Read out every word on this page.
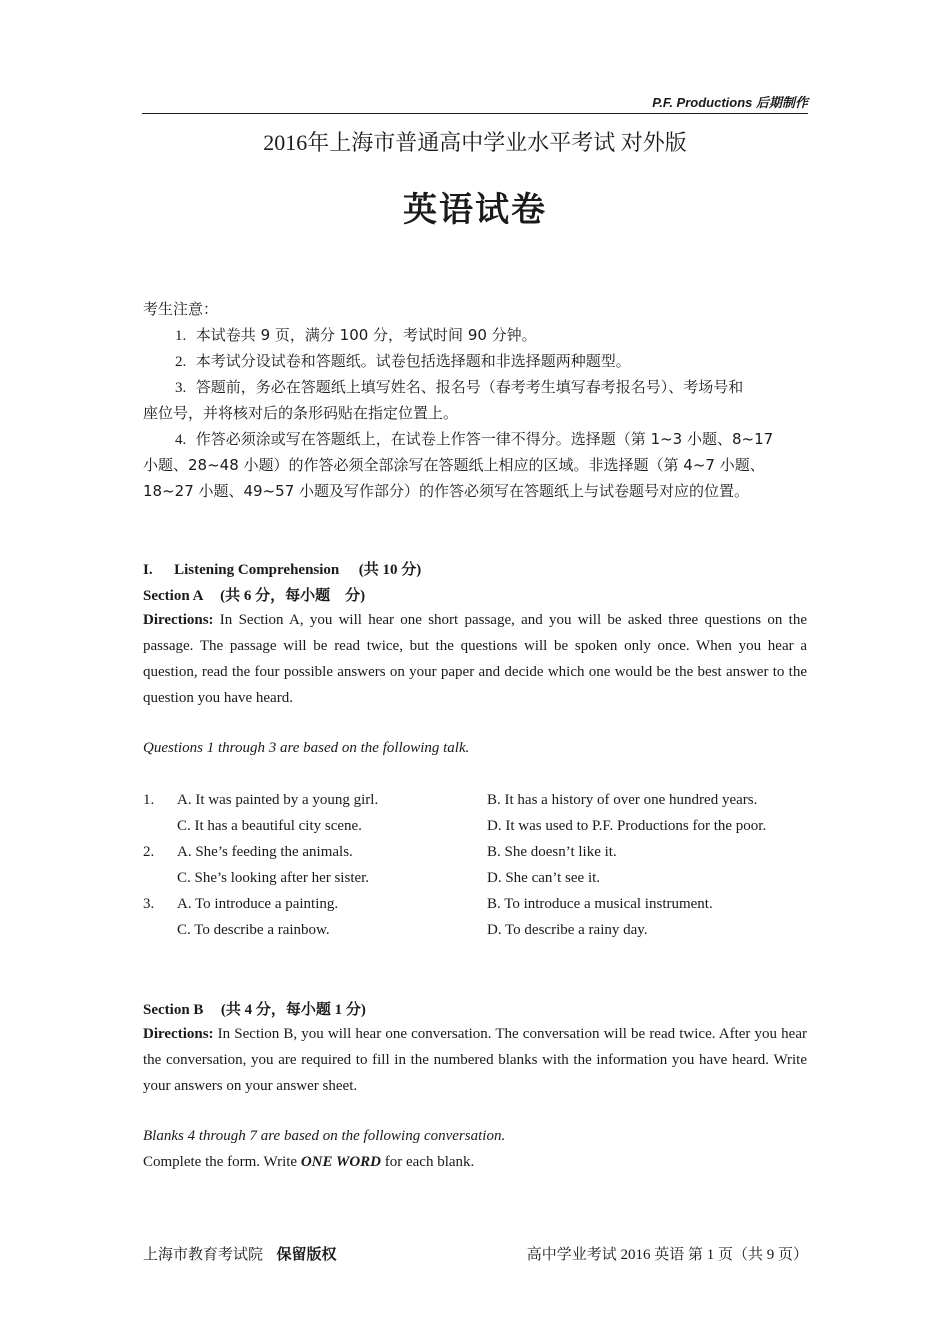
P.F. Productions 后期制作
2016年上海市普通高中学业水平考试 对外版
英语试卷
考生注意：
1. 本试卷共 9 页，满分 100 分，考试时间 90 分钟。
2. 本考试分设试卷和答题纸。试卷包括选择题和非选择题两种题型。
3. 答题前，务必在答题纸上填写姓名、报名号（春考考生填写春考报名号）、考场号和
座位号，并将核对后的条形码贴在指定位置上。
4. 作答必须涂或写在答题纸上，在试卷上作答一律不得分。选择题（第 1~3 小题、8~17
小题、28~48 小题）的作答必须全部涂写在答题纸上相应的区域。非选择题（第 4~7 小题、
18~27 小题、49~57 小题及写作部分）的作答必须写在答题纸上与试卷题号对应的位置。
I. Listening Comprehension (共 10 分)
Section A (共 6 分，每小题　分)
Directions: In Section A, you will hear one short passage, and you will be asked three questions on the passage. The passage will be read twice, but the questions will be spoken only once. When you hear a question, read the four possible answers on your paper and decide which one would be the best answer to the question you have heard.
Questions 1 through 3 are based on the following talk.
1. A. It was painted by a young girl.	B. It has a history of over one hundred years.
C. It has a beautiful city scene.	D. It was used to P.F. Productions for the poor.
2. A. She’s feeding the animals.	B. She doesn’t like it.
C. She’s looking after her sister.	D. She can’t see it.
3. A. To introduce a painting.	B. To introduce a musical instrument.
C. To describe a rainbow.	D. To describe a rainy day.
Section B (共 4 分，每小题 1 分)
Directions: In Section B, you will hear one conversation. The conversation will be read twice. After you hear the conversation, you are required to fill in the numbered blanks with the information you have heard. Write your answers on your answer sheet.
Blanks 4 through 7 are based on the following conversation.
Complete the form. Write ONE WORD for each blank.
上海市教育考试院 保留版权	高中学业考试 2016 英语 第 1 页（共 9 页）
